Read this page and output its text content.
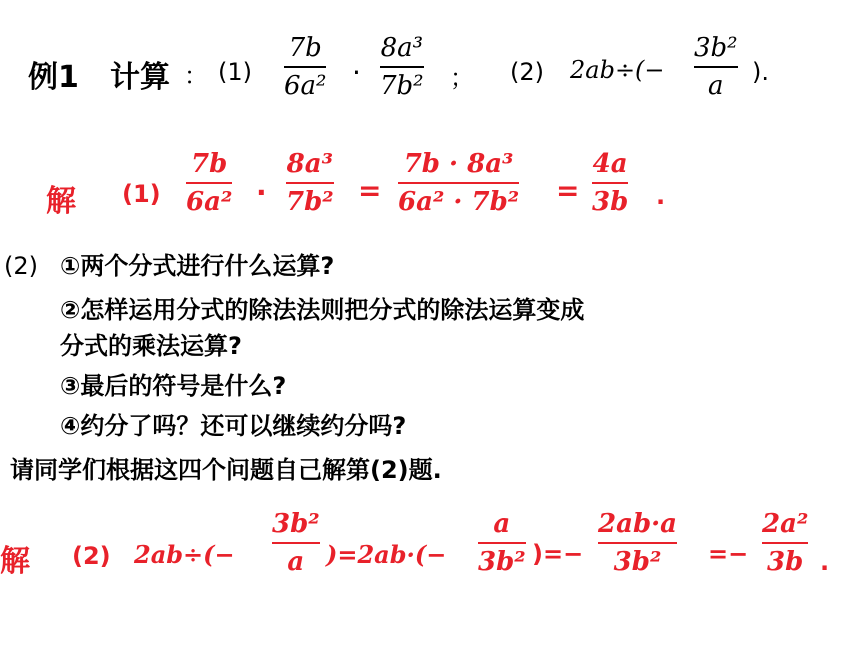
例1 计算 ： (1)
7b
6a² ·
8a³
7b² ； (2) 2ab÷(−
3b²
a ).
解 (1)
7b
6a² ·
8a³
7b² =
7b · 8a³
6a² · 7b² =
4a
3b .
(2) ①两个分式进行什么运算?
②怎样运用分式的除法法则把分式的除法运算变成
分式的乘法运算?
③最后的符号是什么?
④约分了吗？还可以继续约分吗?
请同学们根据这四个问题自己解第(2)题.
解 (2) 2ab÷(−
3b²
a )=2ab·(−
a
3b² )=−
2ab·a
3b² =−
2a²
3b .
